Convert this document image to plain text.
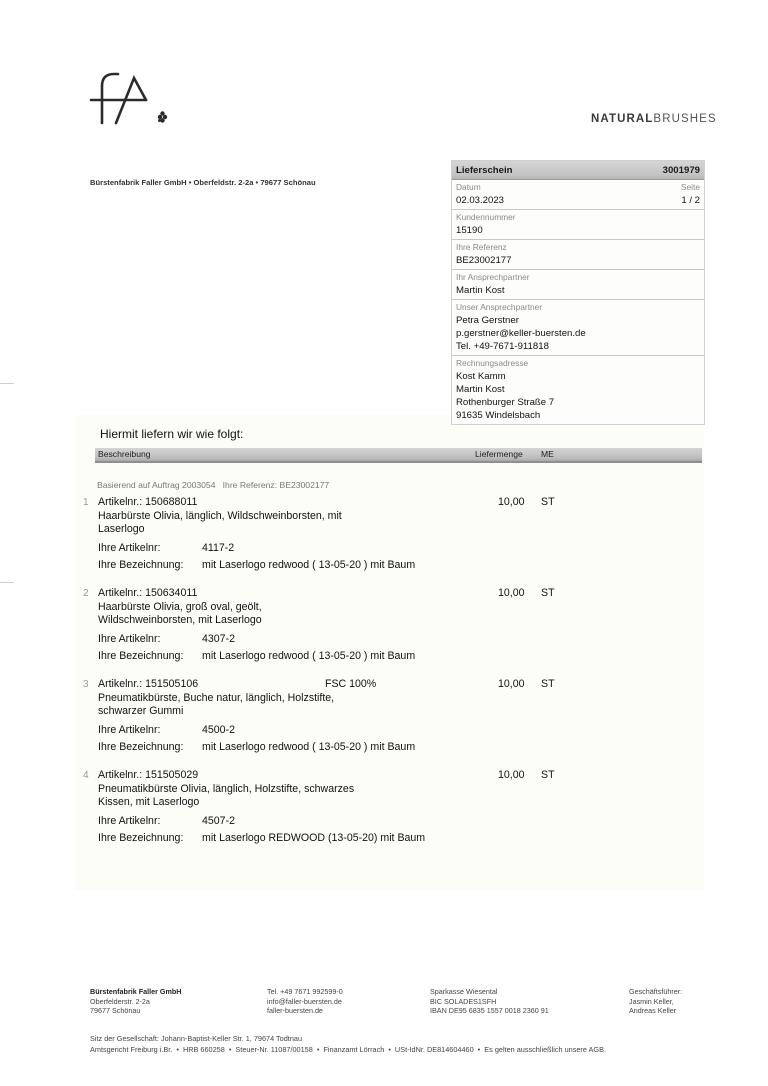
NATURALBRUSHES
Bürstenfabrik Faller GmbH • Oberfeldstr. 2-2a • 79677 Schönau
Lieferschein	3001979
Datum	Seite
02.03.2023	1 / 2
Kundennummer
15190
Ihre Referenz
BE23002177
Ihr Ansprechpartner
Martin Kost
Unser Ansprechpartner
Petra Gerstner
p.gerstner@keller-buersten.de
Tel. +49-7671-911818
Rechnungsadresse
Kost Kamm
Martin Kost
Rothenburger Straße 7
91635 Windelsbach
Hiermit liefern wir wie folgt:
Beschreibung	Liefermenge ME
Basierend auf Auftrag 2003054   Ihre Referenz: BE23002177
1 Artikelnr.: 150688011
Haarbürste Olivia, länglich, Wildschweinborsten, mit
Laserlogo
10,00 ST
Ihre Artikelnr:	4117-2
Ihre Bezeichnung: mit Laserlogo redwood ( 13-05-20 ) mit Baum
2 Artikelnr.: 150634011
Haarbürste Olivia, groß oval, geölt,
Wildschweinborsten, mit Laserlogo
10,00 ST
Ihre Artikelnr:	4307-2
Ihre Bezeichnung: mit Laserlogo redwood ( 13-05-20 ) mit Baum
3 Artikelnr.: 151505106
Pneumatikbürste, Buche natur, länglich, Holzstifte,
schwarzer Gummi
FSC 100%	10,00 ST
Ihre Artikelnr:	4500-2
Ihre Bezeichnung: mit Laserlogo redwood ( 13-05-20 ) mit Baum
4 Artikelnr.: 151505029
Pneumatikbürste Olivia, länglich, Holzstifte, schwarzes
Kissen, mit Laserlogo
10,00 ST
Ihre Artikelnr:	4507-2
Ihre Bezeichnung: mit Laserlogo REDWOOD (13-05-20) mit Baum
Bürstenfabrik Faller GmbH
Oberfelderstr. 2-2a
79677 Schönau
Tel. +49 7671 992599-0
info@faller-buersten.de
faller-buersten.de
Sparkasse Wiesental
BIC SOLADES1SFH
IBAN DE95 6835 1557 0018 2360 91
Geschäftsführer:
Jasmin Keller,
Andreas Keller
Sitz der Gesellschaft: Johann-Baptist-Keller Str. 1, 79674 Todtnau
Amtsgericht Freiburg i.Br.  •  HRB 660258  •  Steuer-Nr. 11087/00158  •  Finanzamt Lörrach  •  USt-IdNr. DE814604460  •  Es gelten ausschließlich unsere AGB.
